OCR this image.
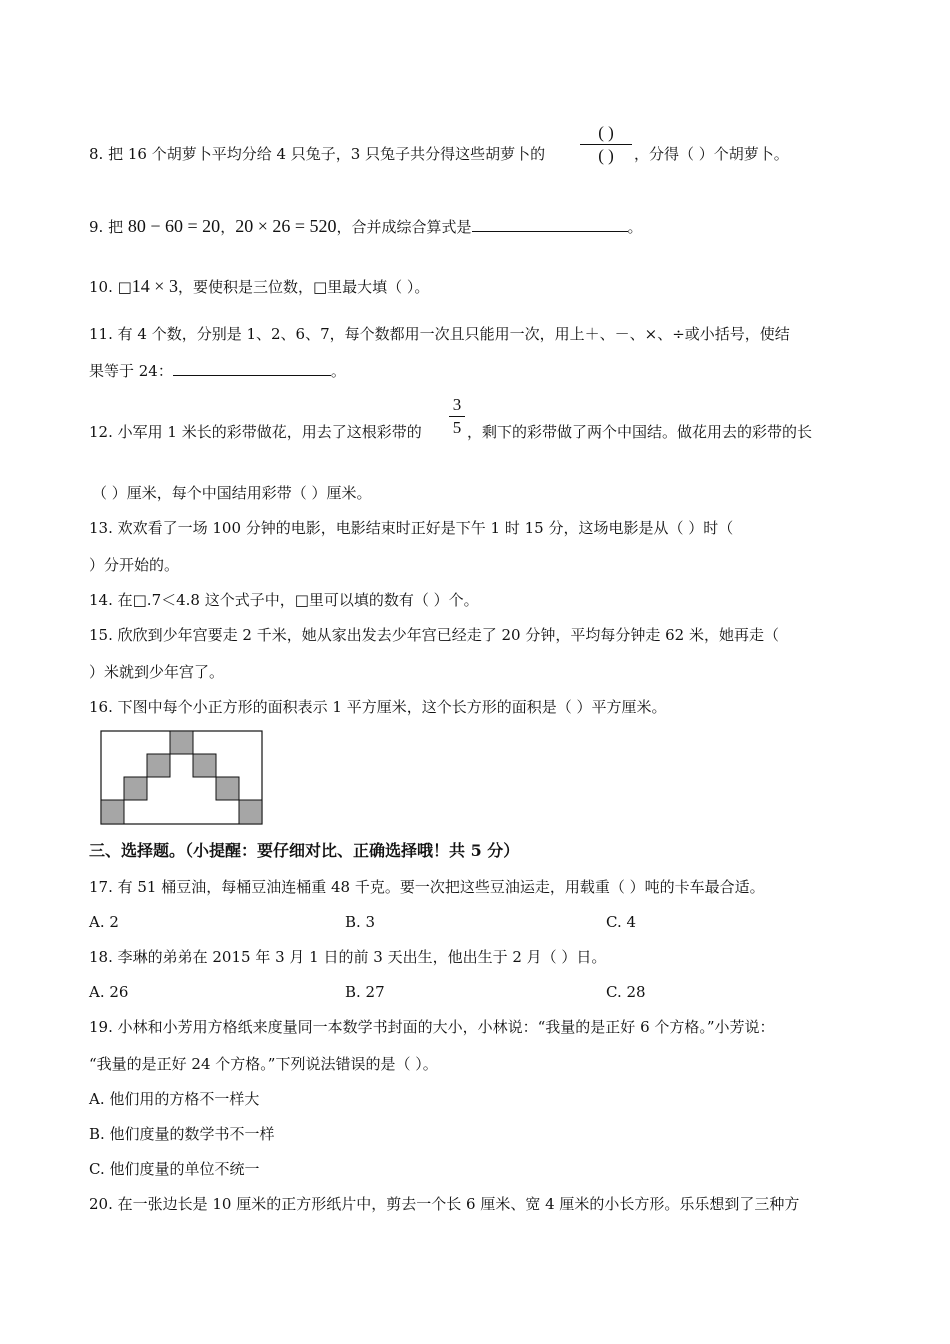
8. 把 16 个胡萝卜平均分给 4 只兔子，3 只兔子共分得这些胡萝卜的
( )
( )	，分得（ ）个胡萝卜。
9. 把 80 − 60 = 20，20 × 26 = 520，合并成综合算式是	。
10. □14 × 3，要使积是三位数，□里最大填（ ）。
11. 有 4 个数，分别是 1、2、6、7，每个数都用一次且只能用一次，用上＋、－、×、÷或小括号，使结
果等于 24：	。
3
5
12. 小军用 1 米长的彩带做花，用去了这根彩带的	，剩下的彩带做了两个中国结。做花用去的彩带的长
（ ）厘米，每个中国结用彩带（ ）厘米。
13. 欢欢看了一场 100 分钟的电影，电影结束时正好是下午 1 时 15 分，这场电影是从（ ）时（
）分开始的。
14. 在□.7＜4.8 这个式子中，□里可以填的数有（ ）个。
15. 欣欣到少年宫要走 2 千米，她从家出发去少年宫已经走了 20 分钟，平均每分钟走 62 米，她再走（
）米就到少年宫了。
16. 下图中每个小正方形的面积表示 1 平方厘米，这个长方形的面积是（ ）平方厘米。
三、选择题。（小提醒：要仔细对比、正确选择哦！共 5 分）
17. 有 51 桶豆油，每桶豆油连桶重 48 千克。要一次把这些豆油运走，用载重（ ）吨的卡车最合适。
A. 2	B. 3	C. 4
18. 李琳的弟弟在 2015 年 3 月 1 日的前 3 天出生，他出生于 2 月（ ）日。
A. 26	B. 27	C. 28
19. 小林和小芳用方格纸来度量同一本数学书封面的大小，小林说：“我量的是正好 6 个方格。”小芳说：
“我量的是正好 24 个方格。”下列说法错误的是（ ）。
A. 他们用的方格不一样大
B. 他们度量的数学书不一样
C. 他们度量的单位不统一
20. 在一张边长是 10 厘米的正方形纸片中，剪去一个长 6 厘米、宽 4 厘米的小长方形。乐乐想到了三种方
